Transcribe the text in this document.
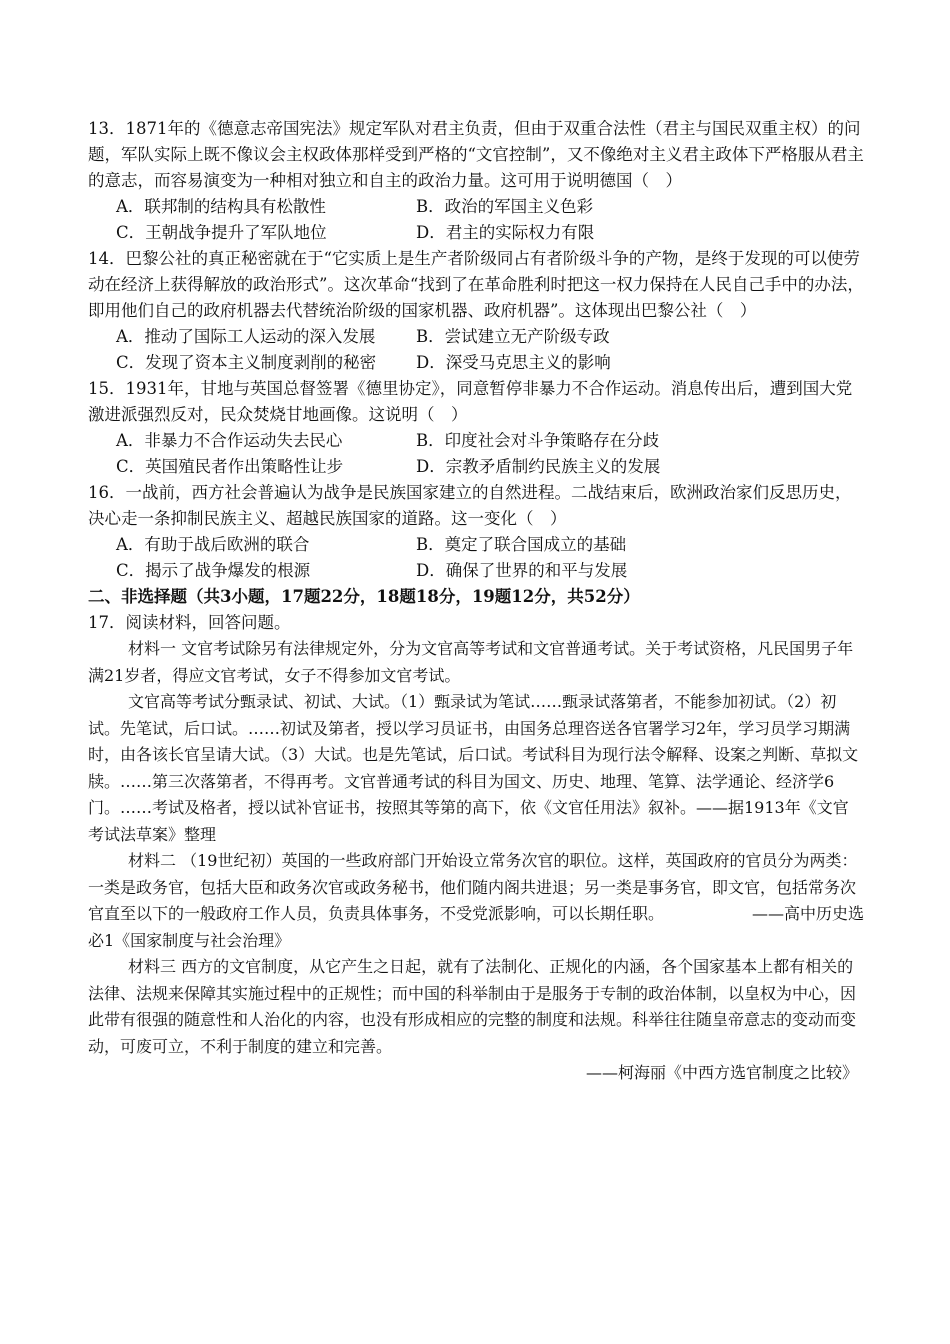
13．1871年的《德意志帝国宪法》规定军队对君主负责，但由于双重合法性（君主与国民双重主权）的问题，军队实际上既不像议会主权政体那样受到严格的“文官控制”，又不像绝对主义君主政体下严格服从君主的意志，而容易演变为一种相对独立和自主的政治力量。这可用于说明德国（　）

A．联邦制的结构具有松散性	B．政治的军国主义色彩
C．王朝战争提升了军队地位	D．君主的实际权力有限

14．巴黎公社的真正秘密就在于“它实质上是生产者阶级同占有者阶级斗争的产物，是终于发现的可以使劳动在经济上获得解放的政治形式”。这次革命“找到了在革命胜利时把这一权力保持在人民自己手中的办法，即用他们自己的政府机器去代替统治阶级的国家机器、政府机器”。这体现出巴黎公社（　）

A．推动了国际工人运动的深入发展	B．尝试建立无产阶级专政
C．发现了资本主义制度剥削的秘密	D．深受马克思主义的影响

15．1931年，甘地与英国总督签署《德里协定》，同意暂停非暴力不合作运动。消息传出后，遭到国大党激进派强烈反对，民众焚烧甘地画像。这说明（　）

A．非暴力不合作运动失去民心	B．印度社会对斗争策略存在分歧
C．英国殖民者作出策略性让步	D．宗教矛盾制约民族主义的发展

16．一战前，西方社会普遍认为战争是民族国家建立的自然进程。二战结束后，欧洲政治家们反思历史，决心走一条抑制民族主义、超越民族国家的道路。这一变化（　）

A．有助于战后欧洲的联合	B．奠定了联合国成立的基础
C．揭示了战争爆发的根源	D．确保了世界的和平与发展

二、非选择题（共3小题，17题22分，18题18分，19题12分，共52分）

17．阅读材料，回答问题。

材料一 文官考试除另有法律规定外，分为文官高等考试和文官普通考试。关于考试资格，凡民国男子年满21岁者，得应文官考试，女子不得参加文官考试。

文官高等考试分甄录试、初试、大试。（1）甄录试为笔试……甄录试落第者，不能参加初试。（2）初试。先笔试，后口试。……初试及第者，授以学习员证书，由国务总理咨送各官署学习2年，学习员学习期满时，由各该长官呈请大试。（3）大试。也是先笔试，后口试。考试科目为现行法令解释、设案之判断、草拟文牍。……第三次落第者，不得再考。文官普通考试的科目为国文、历史、地理、笔算、法学通论、经济学6门。……考试及格者，授以试补官证书，按照其等第的高下，依《文官任用法》叙补。——据1913年《文官考试法草案》整理

材料二 （19世纪初）英国的一些政府部门开始设立常务次官的职位。这样，英国政府的官员分为两类：一类是政务官，包括大臣和政务次官或政务秘书，他们随内阁共进退；另一类是事务官，即文官，包括常务次官直至以下的一般政府工作人员，负责具体事务，不受党派影响，可以长期任职。　　　　　　——高中历史选必1《国家制度与社会治理》

材料三 西方的文官制度，从它产生之日起，就有了法制化、正规化的内涵，各个国家基本上都有相关的法律、法规来保障其实施过程中的正规性；而中国的科举制由于是服务于专制的政治体制，以皇权为中心，因此带有很强的随意性和人治化的内容，也没有形成相应的完整的制度和法规。科举往往随皇帝意志的变动而变动，可废可立，不利于制度的建立和完善。

——柯海丽《中西方选官制度之比较》
